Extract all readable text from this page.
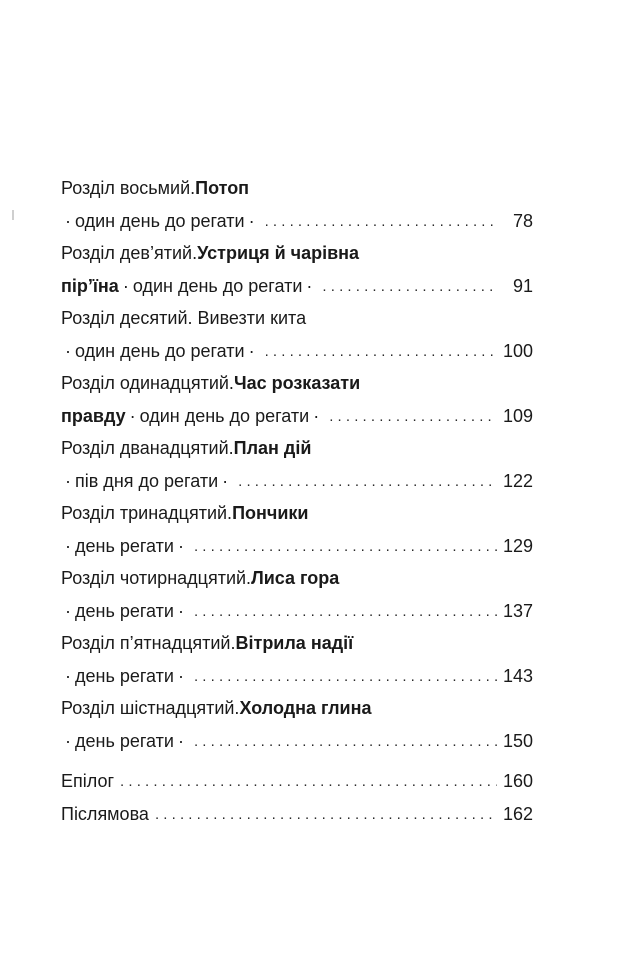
Розділ восьмий. Потоп
· один день до регати · . . .	78
Розділ дев’ятий. Устриця й чарівна
пір’їна · один день до регати · . . .	91
Розділ десятий. Вивезти кита
· один день до регати · . . .	100
Розділ одинадцятий. Час розказати
правду · один день до регати · . . .	109
Розділ дванадцятий. План дій
· пів дня до регати · . . .	122
Розділ тринадцятий. Пончики
· день регати · . . .	129
Розділ чотирнадцятий. Лиса гора
· день регати · . . .	137
Розділ п’ятнадцятий. Вітрила надії
· день регати · . . .	143
Розділ шістнадцятий. Холодна глина
· день регати · . . .	150
Епілог . . .	160
Післямова . . .	162
